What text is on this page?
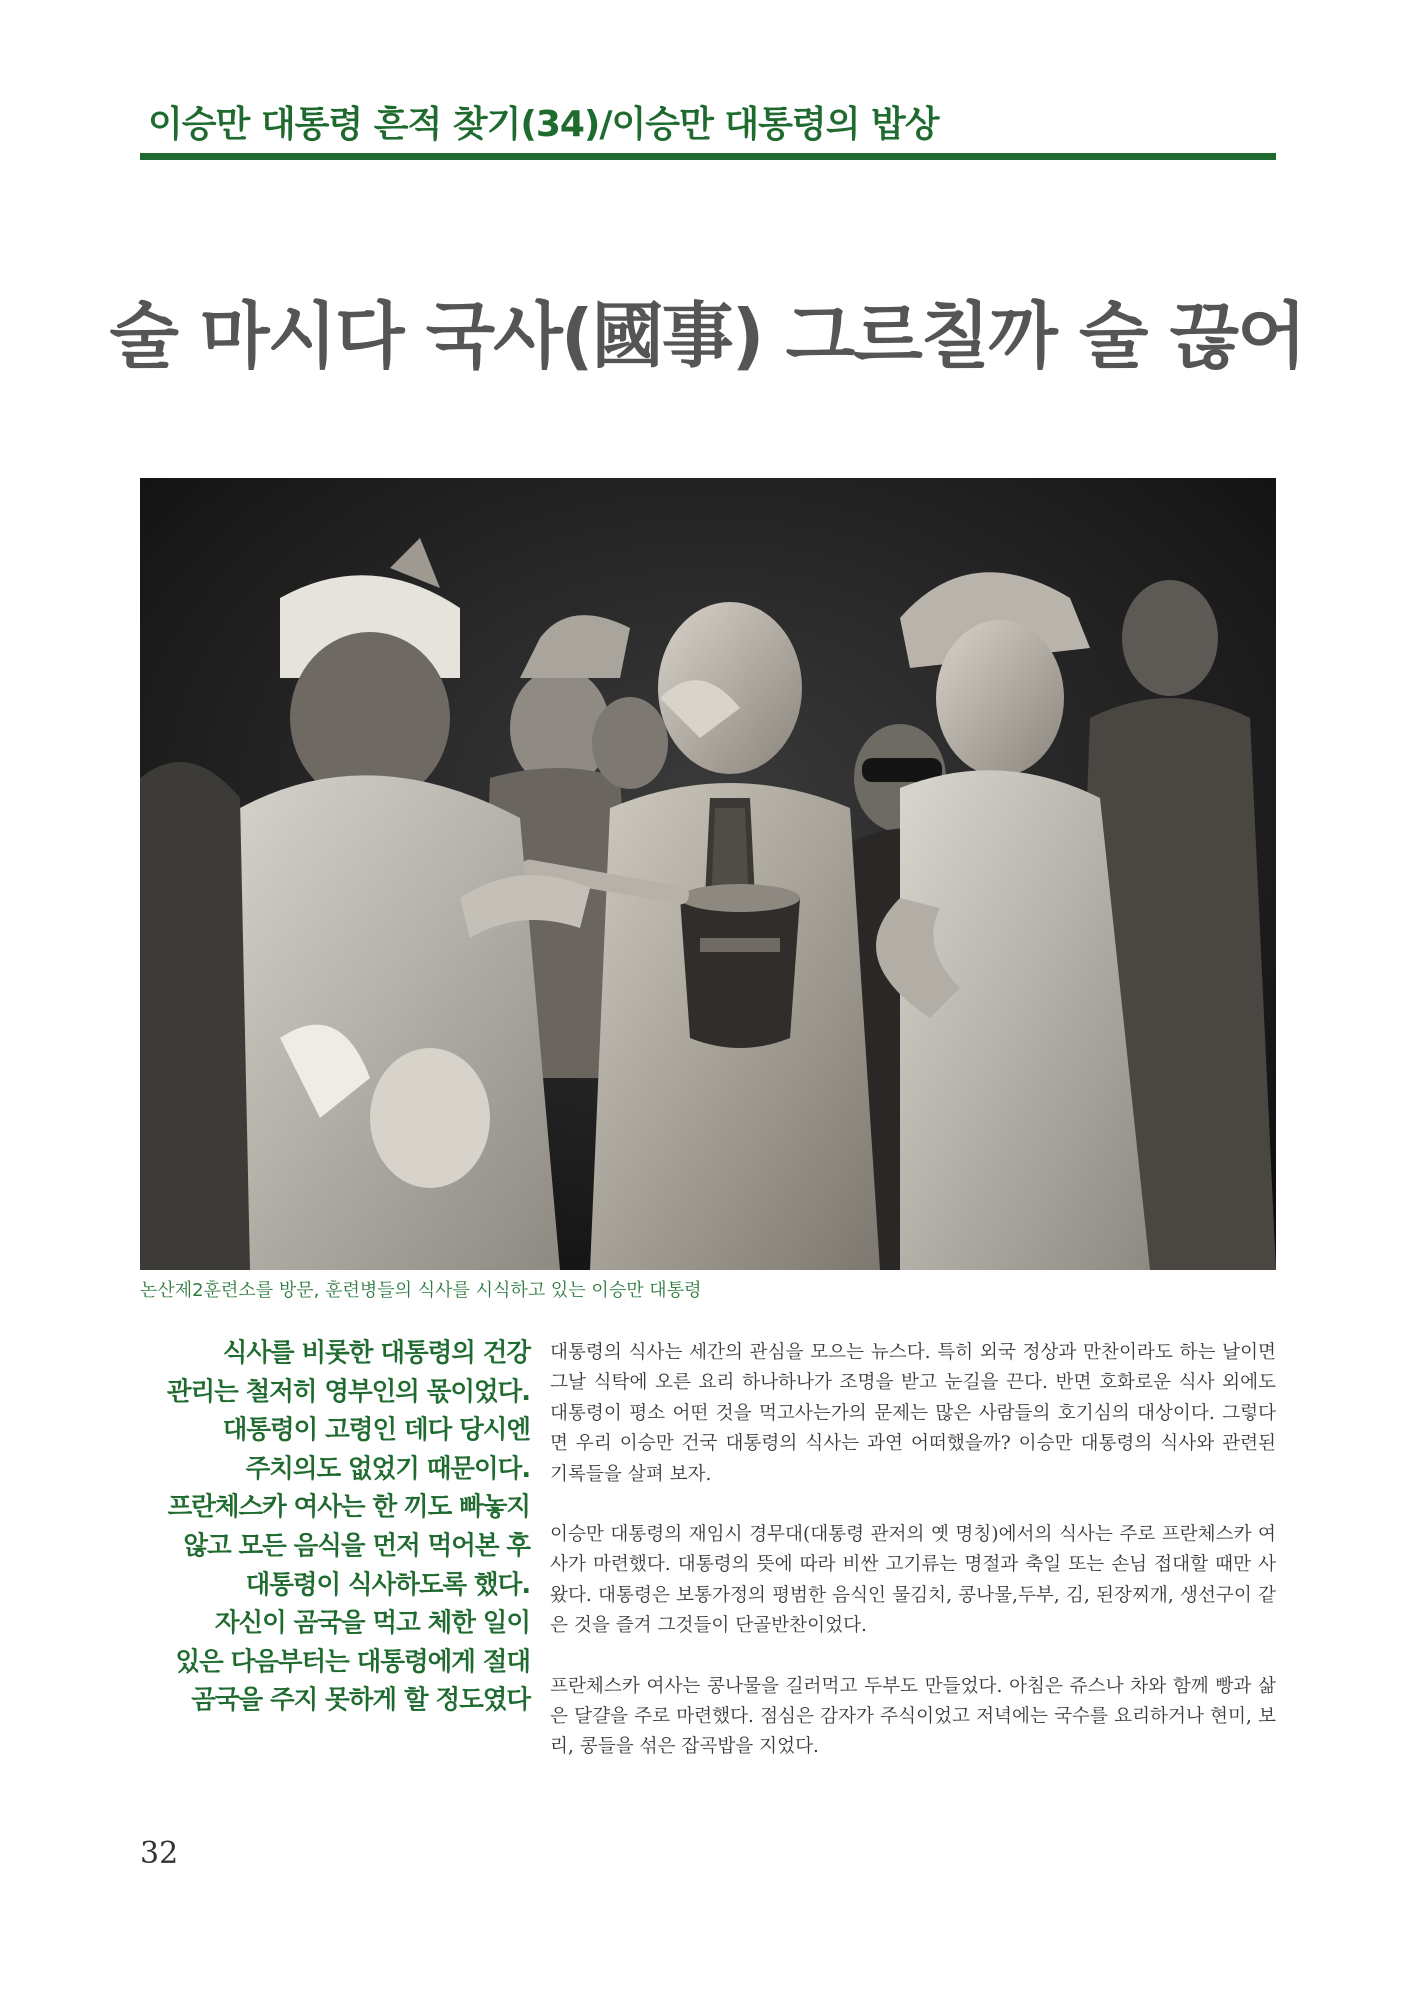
이승만 대통령 흔적 찾기(34)/이승만 대통령의 밥상
술 마시다 국사(國事) 그르칠까 술 끊어
논산제2훈련소를 방문, 훈련병들의 식사를 시식하고 있는 이승만 대통령
식사를 비롯한 대통령의 건강
관리는 철저히 영부인의 몫이었다.
대통령이 고령인 데다 당시엔
주치의도 없었기 때문이다.
프란체스카 여사는 한 끼도 빠놓지
않고 모든 음식을 먼저 먹어본 후
대통령이 식사하도록 했다.
자신이 곰국을 먹고 체한 일이
있은 다음부터는 대통령에게 절대
곰국을 주지 못하게 할 정도였다

대통령의 식사는 세간의 관심을 모으는 뉴스다. 특히 외국 정상과 만찬이라도 하는 날이면 그날 식탁에 오른 요리 하나하나가 조명을 받고 눈길을 끈다. 반면 호화로운 식사 외에도 대통령이 평소 어떤 것을 먹고사는가의 문제는 많은 사람들의 호기심의 대상이다. 그렇다면 우리 이승만 건국 대통령의 식사는 과연 어떠했을까? 이승만 대통령의 식사와 관련된 기록들을 살펴 보자.

이승만 대통령의 재임시 경무대(대통령 관저의 옛 명칭)에서의 식사는 주로 프란체스카 여사가 마련했다. 대통령의 뜻에 따라 비싼 고기류는 명절과 축일 또는 손님 접대할 때만 사왔다. 대통령은 보통가정의 평범한 음식인 물김치, 콩나물,두부, 김, 된장찌개, 생선구이 같은 것을 즐겨 그것들이 단골반찬이었다.

프란체스카 여사는 콩나물을 길러먹고 두부도 만들었다. 아침은 쥬스나 차와 함께 빵과 삶은 달걀을 주로 마련했다. 점심은 감자가 주식이었고 저녁에는 국수를 요리하거나 현미, 보리, 콩들을 섞은 잡곡밥을 지었다.

32
